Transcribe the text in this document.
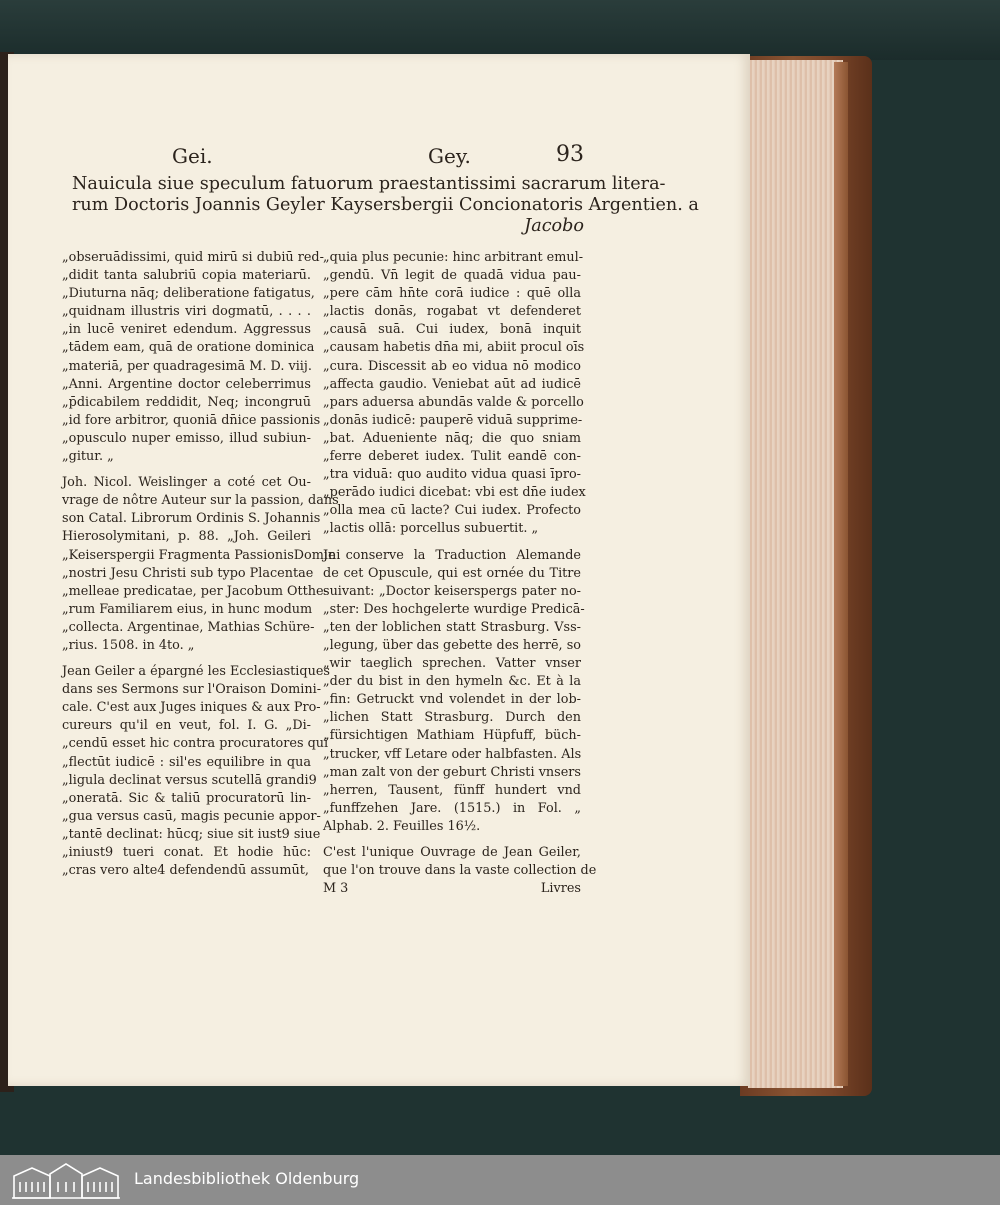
Gei.	Gey.	93
Nauicula siue speculum fatuorum praestantissimi sacrarum litera-
rum Doctoris Joannis Geyler Kaysersbergii Concionatoris Argentien. a
Jacobo
„obseruādissimi, quid mirū si dubiū red-
„didit tanta salubriū copia materiarū.
„Diuturna nāq; deliberatione fatigatus,
„quidnam illustris viri dogmatū, . . . .
„in lucē veniret edendum. Aggressus
„tādem eam, quā de oratione dominica
„materiā, per quadragesimā M. D. viij.
„Anni. Argentine doctor celeberrimus
„p̄dicabilem reddidit, Neq; incongruū
„id fore arbitror, quoniā dn̄ice passionis
„opusculo nuper emisso, illud subiun-
„gitur. „
Joh. Nicol. Weislinger a coté cet Ou-
vrage de nôtre Auteur sur la passion, dans
son Catal. Librorum Ordinis S. Johannis
Hierosolymitani, p. 88. „Joh. Geileri
„Keiserspergii Fragmenta PassionisDomini
„nostri Jesu Christi sub typo Placentae
„melleae predicatae, per Jacobum Otthe-
„rum Familiarem eius, in hunc modum
„collecta. Argentinae, Mathias Schüre-
„rius. 1508. in 4to. „
Jean Geiler a épargné les Ecclesiastiques
dans ses Sermons sur l'Oraison Domini-
cale. C'est aux Juges iniques & aux Pro-
cureurs qu'il en veut, fol. I. G. „Di-
„cendū esset hic contra procuratores qui
„flectūt iudicē : sil'es equilibre in qua
„ligula declinat versus scutellā grandi9
„oneratā. Sic & taliū procuratorū lin-
„gua versus casū, magis pecunie appor-
„tantē declinat: hūcq; siue sit iust9 siue
„iniust9 tueri conat. Et hodie hūc:
„cras vero alte4 defendendū assumūt,
„quia plus pecunie: hinc arbitrant emul-
„gendū. Vn̄ legit de quadā vidua pau-
„pere cām hn̄te corā iudice : quē olla
„lactis donās, rogabat vt defenderet
„causā suā. Cui iudex, bonā inquit
„causam habetis dn̄a mi, abiit procul oīs
„cura. Discessit ab eo vidua nō modico
„affecta gaudio. Veniebat aūt ad iudicē
„pars aduersa abundās valde & porcello
„donās iudicē: pauperē viduā supprime-
„bat. Adueniente nāq; die quo sniam
„ferre deberet iudex. Tulit eandē con-
„tra viduā: quo audito vidua quasi īpro-
„perādo iudici dicebat: vbi est dn̄e iudex
„olla mea cū lacte? Cui iudex. Profecto
„lactis ollā: porcellus subuertit. „
Je conserve la Traduction Alemande
de cet Opuscule, qui est ornée du Titre
suivant: „Doctor keiserspergs pater no-
„ster: Des hochgelerte wurdige Predicā-
„ten der loblichen statt Strasburg. Vss-
„legung, über das gebette des herrē, so
„wir taeglich sprechen. Vatter vnser
„der du bist in den hymeln &c. Et à la
„fin: Getruckt vnd volendet in der lob-
„lichen Statt Strasburg. Durch den
„fürsichtigen Mathiam Hüpfuff, büch-
„trucker, vff Letare oder halbfasten. Als
„man zalt von der geburt Christi vnsers
„herren, Tausent, fünff hundert vnd
„funffzehen Jare. (1515.) in Fol. „
Alphab. 2. Feuilles 16½.
C'est l'unique Ouvrage de Jean Geiler,
que l'on trouve dans la vaste collection de
M 3	Livres
Landesbibliothek Oldenburg
